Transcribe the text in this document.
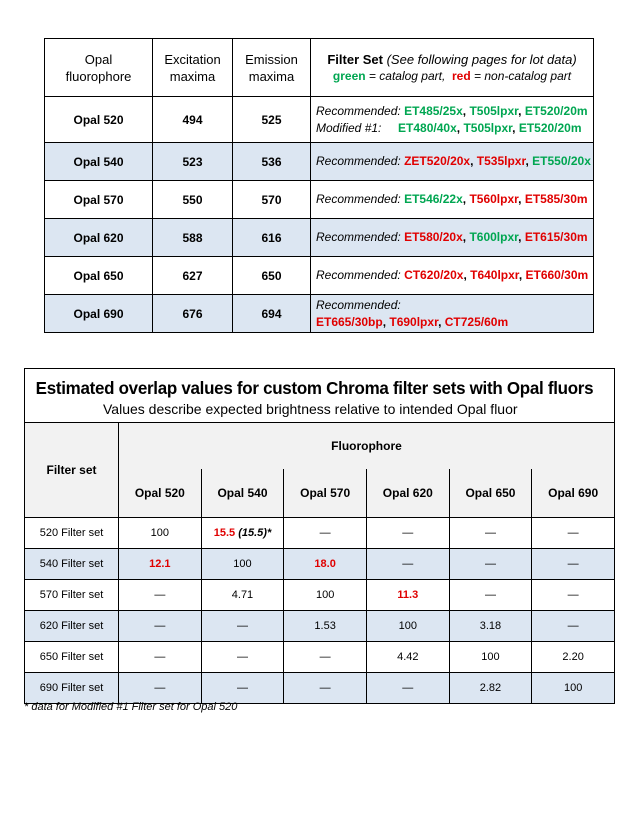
Opal fluorophore	Excitation maxima	Emission maxima	Filter Set (See following pages for lot data)
green = catalog part, red = non-catalog part

Opal 520	494	525	Recommended: ET485/25x, T505lpxr, ET520/20m
Modified #1: ET480/40x, T505lpxr, ET520/20m

Opal 540	523	536	Recommended: ZET520/20x, T535lpxr, ET550/20x

Opal 570	550	570	Recommended: ET546/22x, T560lpxr, ET585/30m

Opal 620	588	616	Recommended: ET580/20x, T600lpxr, ET615/30m

Opal 650	627	650	Recommended: CT620/20x, T640lpxr, ET660/30m

Opal 690	676	694	Recommended: ET665/30bp, T690lpxr, CT725/60m
Estimated overlap values for custom Chroma filter sets with Opal fluors
Values describe expected brightness relative to intended Opal fluor						

Filter set	Fluorophore					
	Opal 520	Opal 540	Opal 570	Opal 620	Opal 650	Opal 690
520 Filter set	100	15.5 (15.5)*	—	—	—	—
540 Filter set	12.1	100	18.0	—	—	—
570 Filter set	—	4.71	100	11.3	—	—
620 Filter set	—	—	1.53	100	3.18	—
650 Filter set	—	—	—	4.42	100	2.20
690 Filter set	—	—	—	—	2.82	100
* data for Modified #1 Filter set for Opal 520
